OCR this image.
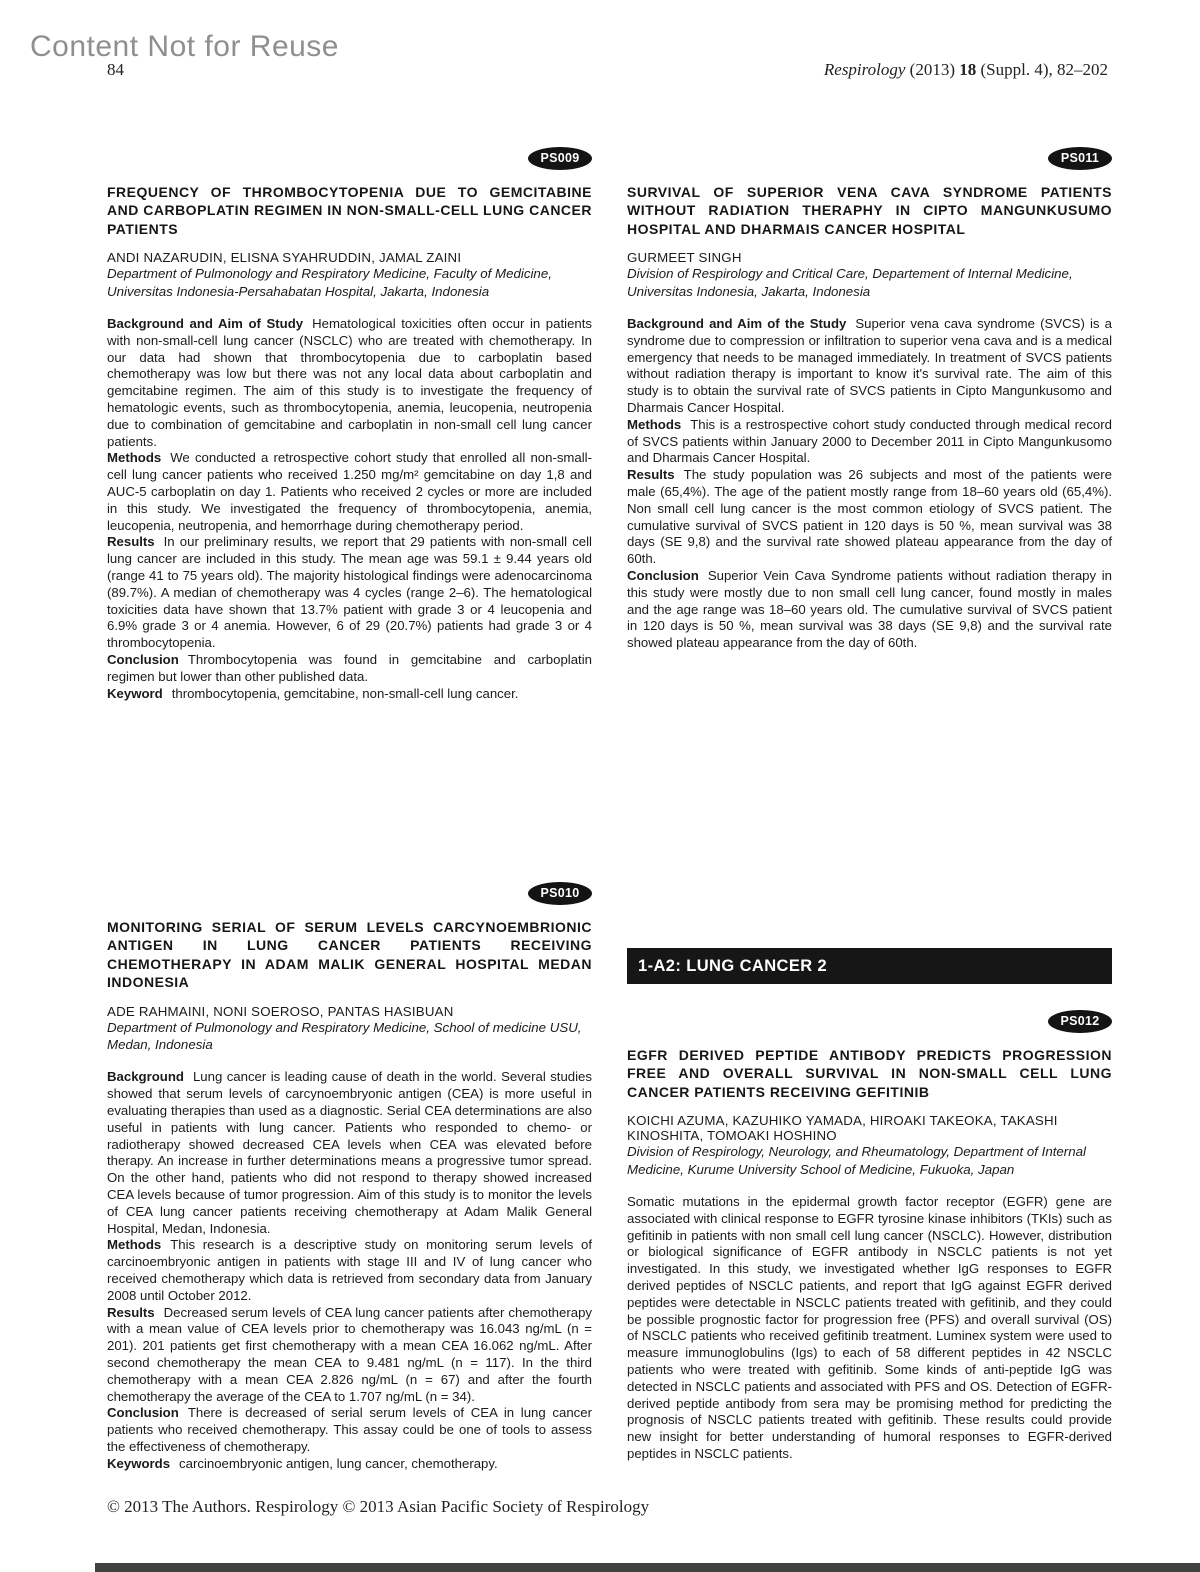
Content Not for Reuse
84	Respirology (2013) 18 (Suppl. 4), 82–202
PS009
FREQUENCY OF THROMBOCYTOPENIA DUE TO GEMCITABINE AND CARBOPLATIN REGIMEN IN NON-SMALL-CELL LUNG CANCER PATIENTS
ANDI NAZARUDIN, ELISNA SYAHRUDDIN, JAMAL ZAINI
Department of Pulmonology and Respiratory Medicine, Faculty of Medicine, Universitas Indonesia-Persahabatan Hospital, Jakarta, Indonesia

Background and Aim of Study Hematological toxicities often occur in patients with non-small-cell lung cancer (NSCLC) who are treated with chemotherapy. In our data had shown that thrombocytopenia due to carboplatin based chemotherapy was low but there was not any local data about carboplatin and gemcitabine regimen. The aim of this study is to investigate the frequency of hematologic events, such as thrombocytopenia, anemia, leucopenia, neutropenia due to combination of gemcitabine and carboplatin in non-small cell lung cancer patients.

Methods We conducted a retrospective cohort study that enrolled all non-small-cell lung cancer patients who received 1.250 mg/m² gemcitabine on day 1,8 and AUC-5 carboplatin on day 1. Patients who received 2 cycles or more are included in this study. We investigated the frequency of thrombocytopenia, anemia, leucopenia, neutropenia, and hemorrhage during chemotherapy period.

Results In our preliminary results, we report that 29 patients with non-small cell lung cancer are included in this study. The mean age was 59.1 ± 9.44 years old (range 41 to 75 years old). The majority histological findings were adenocarcinoma (89.7%). A median of chemotherapy was 4 cycles (range 2–6). The hematological toxicities data have shown that 13.7% patient with grade 3 or 4 leucopenia and 6.9% grade 3 or 4 anemia. However, 6 of 29 (20.7%) patients had grade 3 or 4 thrombocytopenia.

Conclusion Thrombocytopenia was found in gemcitabine and carboplatin regimen but lower than other published data.

Keyword thrombocytopenia, gemcitabine, non-small-cell lung cancer.

PS011
SURVIVAL OF SUPERIOR VENA CAVA SYNDROME PATIENTS WITHOUT RADIATION THERAPHY IN CIPTO MANGUNKUSUMO HOSPITAL AND DHARMAIS CANCER HOSPITAL
GURMEET SINGH
Division of Respirology and Critical Care, Departement of Internal Medicine, Universitas Indonesia, Jakarta, Indonesia

Background and Aim of the Study Superior vena cava syndrome (SVCS) is a syndrome due to compression or infiltration to superior vena cava and is a medical emergency that needs to be managed immediately. In treatment of SVCS patients without radiation therapy is important to know it's survival rate. The aim of this study is to obtain the survival rate of SVCS patients in Cipto Mangunkusomo and Dharmais Cancer Hospital.

Methods This is a restrospective cohort study conducted through medical record of SVCS patients within January 2000 to December 2011 in Cipto Mangunkusomo and Dharmais Cancer Hospital.

Results The study population was 26 subjects and most of the patients were male (65,4%). The age of the patient mostly range from 18–60 years old (65,4%). Non small cell lung cancer is the most common etiology of SVCS patient. The cumulative survival of SVCS patient in 120 days is 50 %, mean survival was 38 days (SE 9,8) and the survival rate showed plateau appearance from the day of 60th.

Conclusion Superior Vein Cava Syndrome patients without radiation therapy in this study were mostly due to non small cell lung cancer, found mostly in males and the age range was 18–60 years old. The cumulative survival of SVCS patient in 120 days is 50 %, mean survival was 38 days (SE 9,8) and the survival rate showed plateau appearance from the day of 60th.

PS010
MONITORING SERIAL OF SERUM LEVELS CARCYNOEMBRIONIC ANTIGEN IN LUNG CANCER PATIENTS RECEIVING CHEMOTHERAPY IN ADAM MALIK GENERAL HOSPITAL MEDAN INDONESIA
ADE RAHMAINI, NONI SOEROSO, PANTAS HASIBUAN
Department of Pulmonology and Respiratory Medicine, School of medicine USU, Medan, Indonesia

Background Lung cancer is leading cause of death in the world. Several studies showed that serum levels of carcynoembryonic antigen (CEA) is more useful in evaluating therapies than used as a diagnostic. Serial CEA determinations are also useful in patients with lung cancer. Patients who responded to chemo- or radiotherapy showed decreased CEA levels when CEA was elevated before therapy. An increase in further determinations means a progressive tumor spread. On the other hand, patients who did not respond to therapy showed increased CEA levels because of tumor progression. Aim of this study is to monitor the levels of CEA lung cancer patients receiving chemotherapy at Adam Malik General Hospital, Medan, Indonesia.

Methods This research is a descriptive study on monitoring serum levels of carcinoembryonic antigen in patients with stage III and IV of lung cancer who received chemotherapy which data is retrieved from secondary data from January 2008 until October 2012.

Results Decreased serum levels of CEA lung cancer patients after chemotherapy with a mean value of CEA levels prior to chemotherapy was 16.043 ng/mL (n = 201). 201 patients get first chemotherapy with a mean CEA 16.062 ng/mL. After second chemotherapy the mean CEA to 9.481 ng/mL (n = 117). In the third chemotherapy with a mean CEA 2.826 ng/mL (n = 67) and after the fourth chemotherapy the average of the CEA to 1.707 ng/mL (n = 34).

Conclusion There is decreased of serial serum levels of CEA in lung cancer patients who received chemotherapy. This assay could be one of tools to assess the effectiveness of chemotherapy.

Keywords carcinoembryonic antigen, lung cancer, chemotherapy.

1-A2: LUNG CANCER 2
PS012
EGFR DERIVED PEPTIDE ANTIBODY PREDICTS PROGRESSION FREE AND OVERALL SURVIVAL IN NON-SMALL CELL LUNG CANCER PATIENTS RECEIVING GEFITINIB
KOICHI AZUMA, KAZUHIKO YAMADA, HIROAKI TAKEOKA, TAKASHI KINOSHITA, TOMOAKI HOSHINO
Division of Respirology, Neurology, and Rheumatology, Department of Internal Medicine, Kurume University School of Medicine, Fukuoka, Japan

Somatic mutations in the epidermal growth factor receptor (EGFR) gene are associated with clinical response to EGFR tyrosine kinase inhibitors (TKIs) such as gefitinib in patients with non small cell lung cancer (NSCLC). However, distribution or biological significance of EGFR antibody in NSCLC patients is not yet investigated. In this study, we investigated whether IgG responses to EGFR derived peptides of NSCLC patients, and report that IgG against EGFR derived peptides were detectable in NSCLC patients treated with gefitinib, and they could be possible prognostic factor for progression free (PFS) and overall survival (OS) of NSCLC patients who received gefitinib treatment. Luminex system were used to measure immunoglobulins (Igs) to each of 58 different peptides in 42 NSCLC patients who were treated with gefitinib. Some kinds of anti-peptide IgG was detected in NSCLC patients and associated with PFS and OS. Detection of EGFR-derived peptide antibody from sera may be promising method for predicting the prognosis of NSCLC patients treated with gefitinib. These results could provide new insight for better understanding of humoral responses to EGFR-derived peptides in NSCLC patients.

© 2013 The Authors. Respirology © 2013 Asian Pacific Society of Respirology
